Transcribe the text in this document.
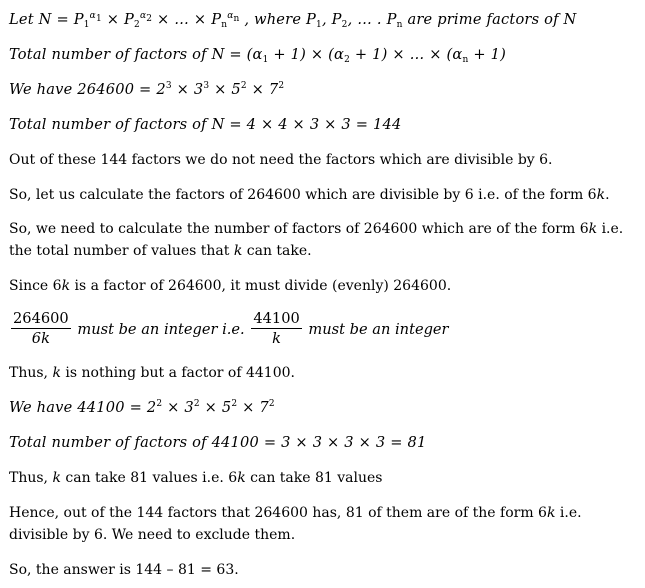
Let $N = P_1^{\alpha_1} \times P_2^{\alpha_2}$ × … × $P_n^{\alpha_n}$ , where $P_1$, $P_2$, … . $P_n$ are prime factors of N
Total number of factors of $N = (\alpha_1 + 1) \times (\alpha_2 + 1)$ × … × $(\alpha_n + 1)$
We have $264600 = 2^3 \times 3^3 \times 5^2 \times 7^2$
Total number of factors of N = 4 × 4 × 3 × 3 = 144
Out of these 144 factors we do not need the factors which are divisible by 6.
So, let us calculate the factors of 264600 which are divisible by 6 i.e. of the form 6k.
So, we need to calculate the number of factors of 264600 which are of the form 6k i.e. the total number of values that k can take.
Since 6k is a factor of 264600, it must divide (evenly) 264600.
$\frac{264600}{6k}$ must be an integer i.e. $\frac{44100}{k}$ must be an integer
Thus, k is nothing but a factor of 44100.
We have $44100 = 2^2 \times 3^2 \times 5^2 \times 7^2$
Total number of factors of 44100 = 3 × 3 × 3 × 3 = 81
Thus, k can take 81 values i.e. 6k can take 81 values
Hence, out of the 144 factors that 264600 has, 81 of them are of the form 6k i.e. divisible by 6. We need to exclude them.
So, the answer is 144 – 81 = 63.
